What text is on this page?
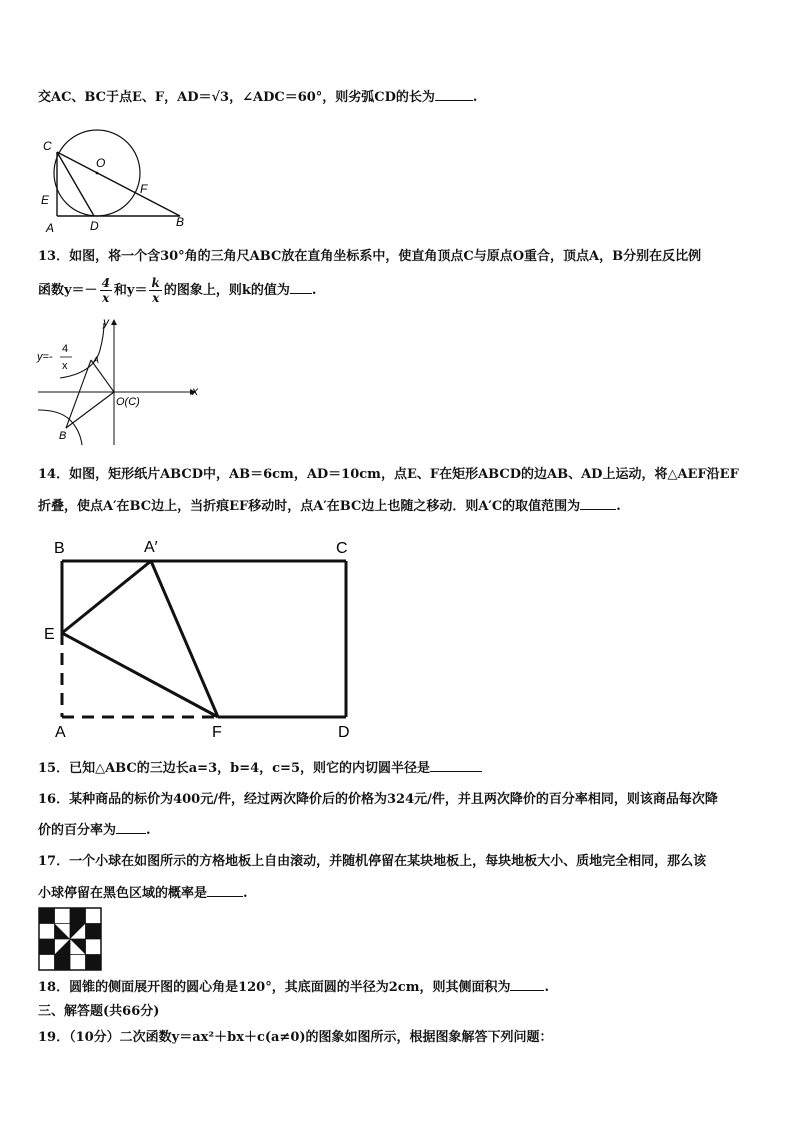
交AC、BC于点E、F，AD＝√3，∠ADC＝60°，则劣弧CD的长为	.
C
O
F
E
A	D	B
13．如图，将一个含30°角的三角尺ABC放在直角坐标系中，使直角顶点C与原点O重合，顶点A，B分别在反比例
函数$y=- \frac{4}{x}$ 和$y= \frac{k}{x}$ 的图象上，则k的值为 .
y
x
O(C)
A
B
y=-
4
x
14．如图，矩形纸片ABCD中，AB＝6cm，AD＝10cm，点E、F在矩形ABCD的边AB、AD上运动，将△AEF沿EF
折叠，使点A′在BC边上，当折痕EF移动时，点A′在BC边上也随之移动．则A′C的取值范围为	.
B	A′	C
E
A	F	D
15．已知△ABC的三边长a=3，b=4，c=5，则它的内切圆半径是
16．某种商品的标价为400元/件，经过两次降价后的价格为324元/件，并且两次降价的百分率相同，则该商品每次降
价的百分率为 .
17．一个小球在如图所示的方格地板上自由滚动，并随机停留在某块地板上，每块地板大小、质地完全相同，那么该
小球停留在黑色区域的概率是	.
18．圆锥的侧面展开图的圆心角是120°，其底面圆的半径为2cm，则其侧面积为	.
三、解答题(共66分)
19．（10分）二次函数y＝ax²＋bx＋c(a≠0)的图象如图所示，根据图象解答下列问题：
